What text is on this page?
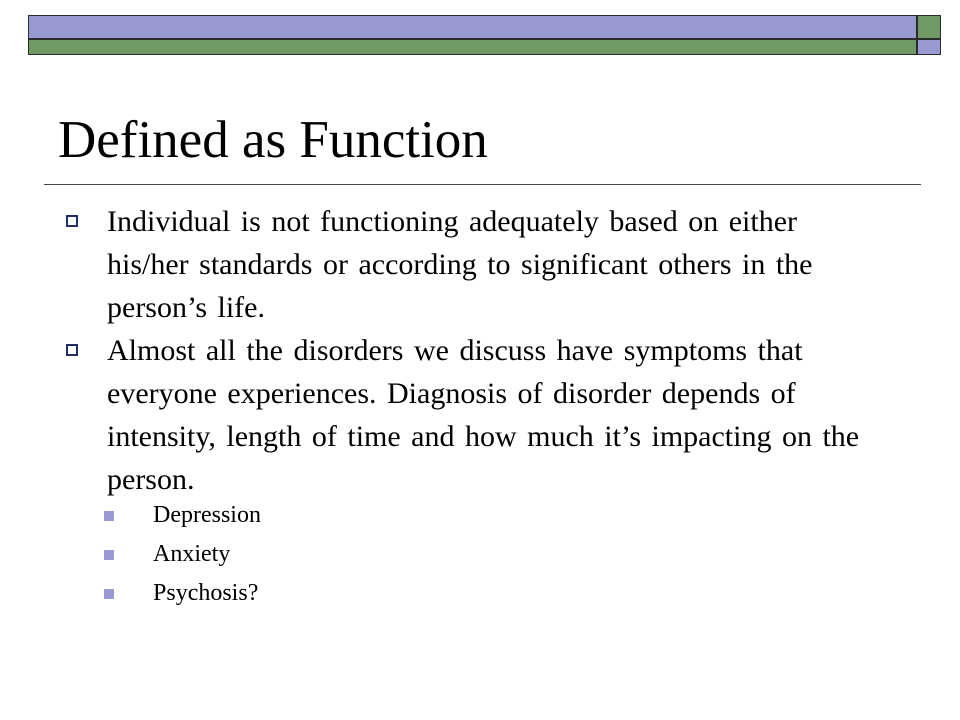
Defined as Function
Individual is not functioning adequately based on either his/her standards or according to significant others in the person’s life.
Almost all the disorders we discuss have symptoms that everyone experiences. Diagnosis of disorder depends of intensity, length of time and how much it’s impacting on the person.
Depression
Anxiety
Psychosis?
